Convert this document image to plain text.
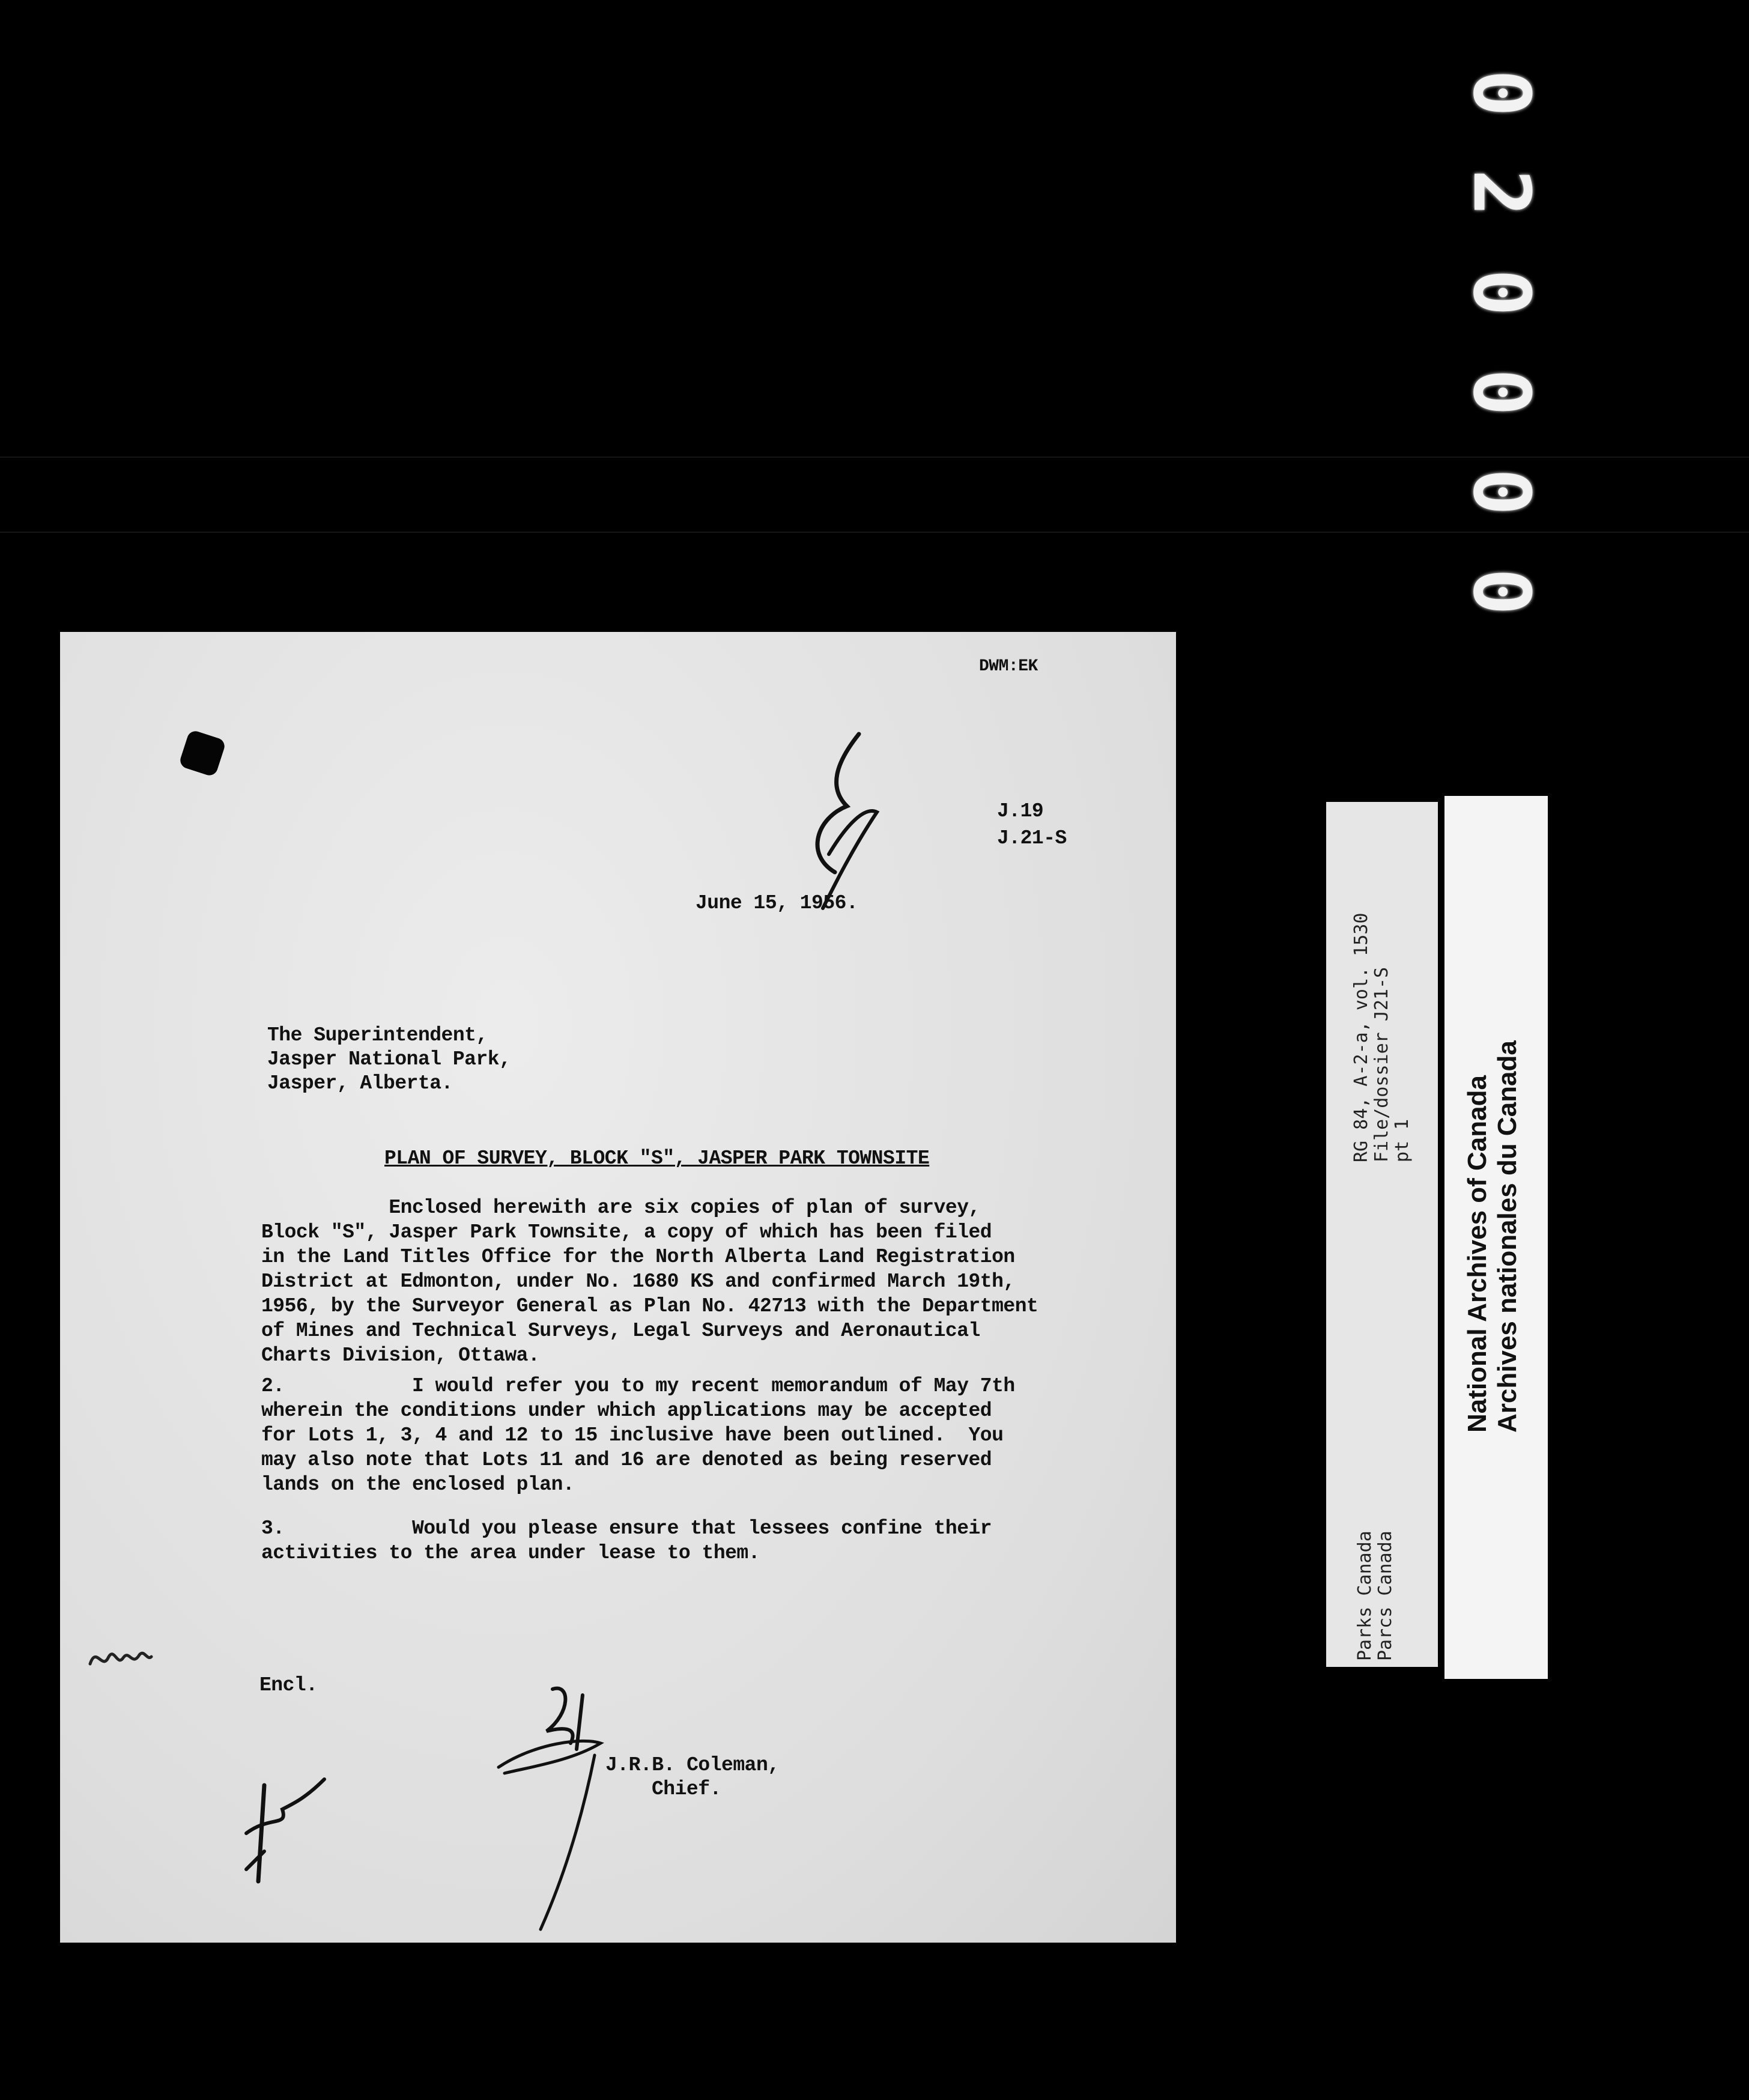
0
2
0
0
0
0
DWM:EK
J.19
J.21-S
June 15, 1956.
The Superintendent,
Jasper National Park,
Jasper, Alberta.
PLAN OF SURVEY, BLOCK "S", JASPER PARK TOWNSITE
Enclosed herewith are six copies of plan of survey,
Block "S", Jasper Park Townsite, a copy of which has been filed
in the Land Titles Office for the North Alberta Land Registration
District at Edmonton, under No. 1680 KS and confirmed March 19th,
1956, by the Surveyor General as Plan No. 42713 with the Department
of Mines and Technical Surveys, Legal Surveys and Aeronautical
Charts Division, Ottawa.
2.           I would refer you to my recent memorandum of May 7th
wherein the conditions under which applications may be accepted
for Lots 1, 3, 4 and 12 to 15 inclusive have been outlined.  You
may also note that Lots 11 and 16 are denoted as being reserved
lands on the enclosed plan.
3.           Would you please ensure that lessees confine their
activities to the area under lease to them.
Encl.
J.R.B. Coleman,
Chief.
RG 84, A-2-a, vol. 1530 File/dossier J21-S pt 1
Parks Canada Parcs Canada
National Archives of Canada Archives nationales du Canada
